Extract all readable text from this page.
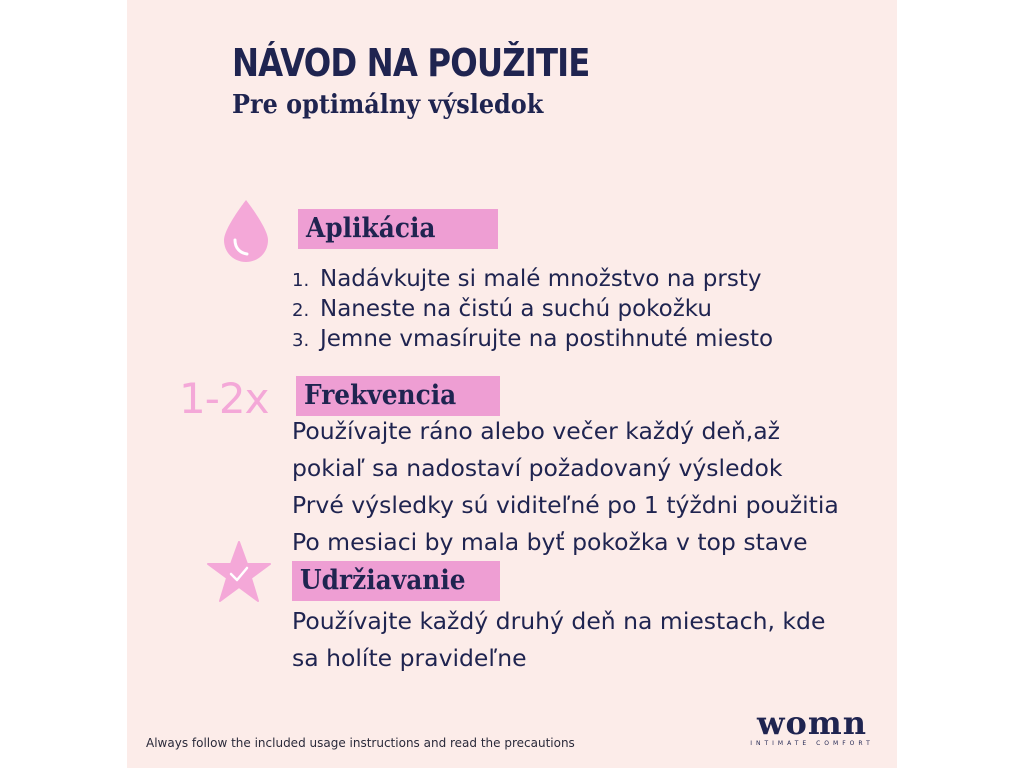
NÁVOD NA POUŽITIE
Pre optimálny výsledok
Aplikácia
1. Nadávkujte si malé množstvo na prsty
2. Naneste na čistú a suchú pokožku
3. Jemne vmasírujte na postihnuté miesto
1-2x Frekvencia

Používajte ráno alebo večer každý deň,až

pokiaľ sa nadostaví požadovaný výsledok

Prvé výsledky sú viditeľné po 1 týždni použitia

Po mesiaci by mala byť pokožka v top stave

Udržiavanie

Používajte každý druhý deň na miestach, kde

sa holíte pravideľne

Always follow the included usage instructions and read the precautions
womn
INTIMATE COMFORT
